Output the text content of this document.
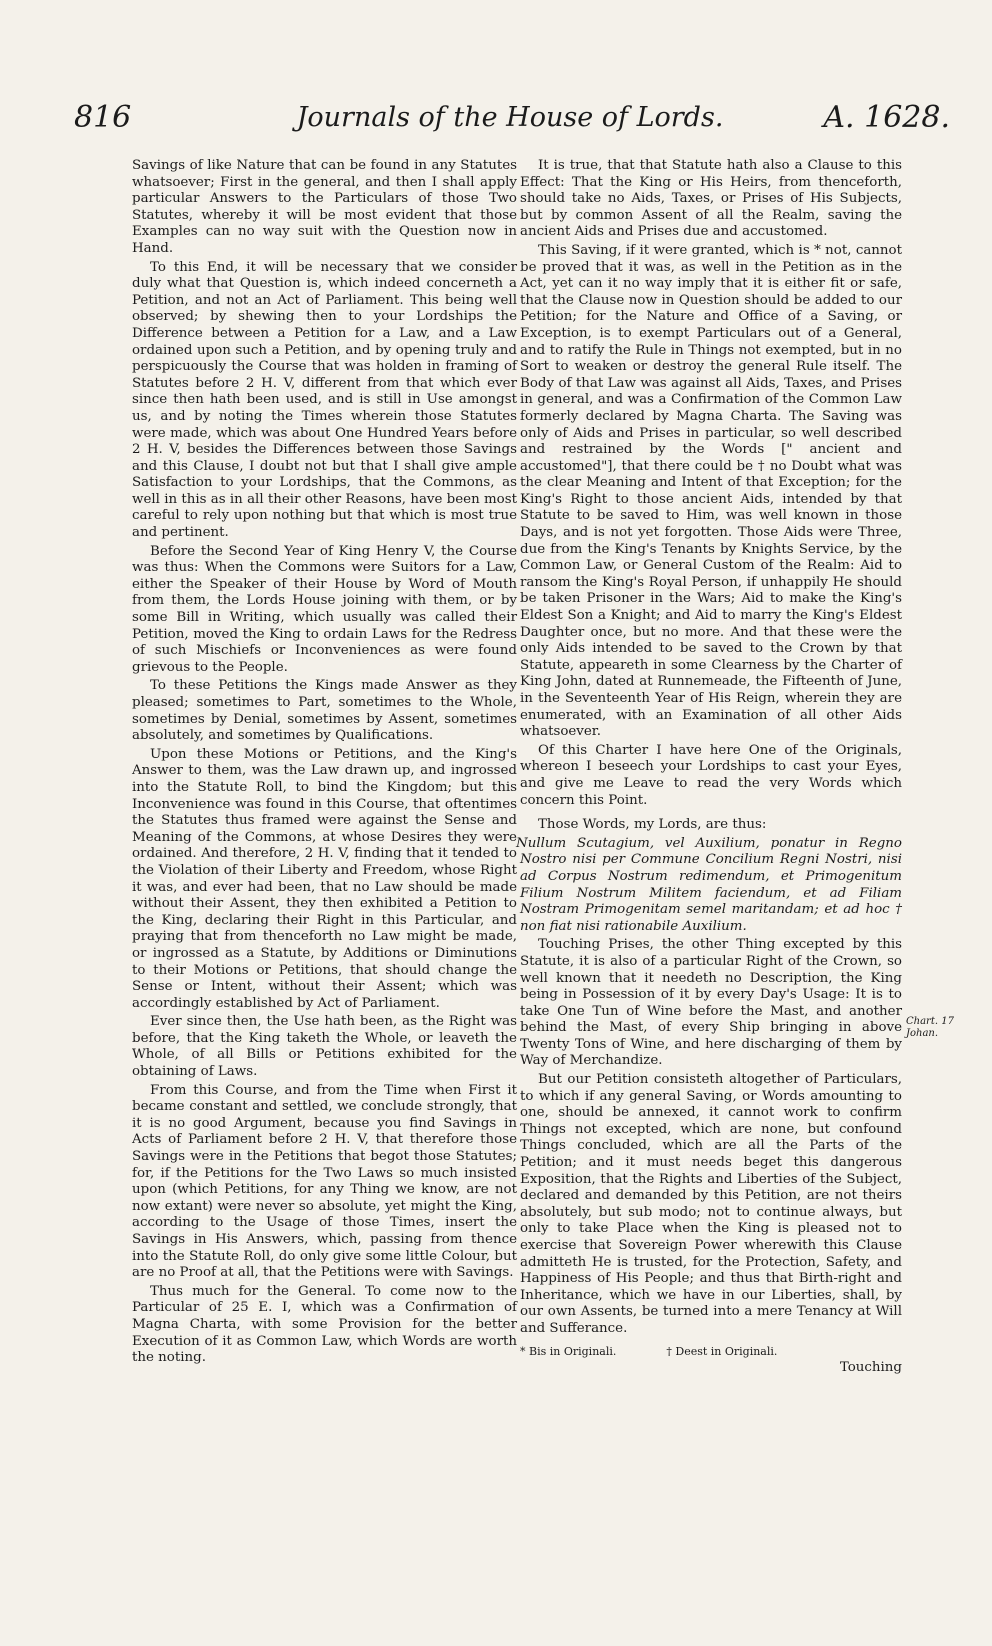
816	Journals of the House of Lords.	A. 1628.

Savings of like Nature that can be found in any Statutes whatsoever; First in the general, and then I shall apply particular Answers to the Particulars of those Two Statutes, whereby it will be most evident that those Examples can no way suit with the Question now in Hand.

To this End, it will be necessary that we consider duly what that Question is, which indeed concerneth a Petition, and not an Act of Parliament. This being well observed; by shewing then to your Lordships the Difference between a Petition for a Law, and a Law ordained upon such a Petition, and by opening truly and perspicuously the Course that was holden in framing of Statutes before 2 H. V, different from that which ever since then hath been used, and is still in Use amongst us, and by noting the Times wherein those Statutes were made, which was about One Hundred Years before 2 H. V, besides the Differences between those Savings and this Clause, I doubt not but that I shall give ample Satisfaction to your Lordships, that the Commons, as well in this as in all their other Reasons, have been most careful to rely upon nothing but that which is most true and pertinent.

Before the Second Year of King Henry V, the Course was thus: When the Commons were Suitors for a Law, either the Speaker of their House by Word of Mouth from them, the Lords House joining with them, or by some Bill in Writing, which usually was called their Petition, moved the King to ordain Laws for the Redress of such Mischiefs or Inconveniences as were found grievous to the People.

To these Petitions the Kings made Answer as they pleased; sometimes to Part, sometimes to the Whole, sometimes by Denial, sometimes by Assent, sometimes absolutely, and sometimes by Qualifications.

Upon these Motions or Petitions, and the King's Answer to them, was the Law drawn up, and ingrossed into the Statute Roll, to bind the Kingdom; but this Inconvenience was found in this Course, that oftentimes the Statutes thus framed were against the Sense and Meaning of the Commons, at whose Desires they were ordained. And therefore, 2 H. V, finding that it tended to the Violation of their Liberty and Freedom, whose Right it was, and ever had been, that no Law should be made without their Assent, they then exhibited a Petition to the King, declaring their Right in this Particular, and praying that from thenceforth no Law might be made, or ingrossed as a Statute, by Additions or Diminutions to their Motions or Petitions, that should change the Sense or Intent, without their Assent; which was accordingly established by Act of Parliament.

Ever since then, the Use hath been, as the Right was before, that the King taketh the Whole, or leaveth the Whole, of all Bills or Petitions exhibited for the obtaining of Laws.

From this Course, and from the Time when First it became constant and settled, we conclude strongly, that it is no good Argument, because you find Savings in Acts of Parliament before 2 H. V, that therefore those Savings were in the Petitions that begot those Statutes; for, if the Petitions for the Two Laws so much insisted upon (which Petitions, for any Thing we know, are not now extant) were never so absolute, yet might the King, according to the Usage of those Times, insert the Savings in His Answers, which, passing from thence into the Statute Roll, do only give some little Colour, but are no Proof at all, that the Petitions were with Savings.

Thus much for the General. To come now to the Particular of 25 E. I, which was a Confirmation of Magna Charta, with some Provision for the better Execution of it as Common Law, which Words are worth the noting.

It is true, that that Statute hath also a Clause to this Effect: That the King or His Heirs, from thenceforth, should take no Aids, Taxes, or Prises of His Subjects, but by common Assent of all the Realm, saving the ancient Aids and Prises due and accustomed.

This Saving, if it were granted, which is * not, cannot be proved that it was, as well in the Petition as in the Act, yet can it no way imply that it is either fit or safe, that the Clause now in Question should be added to our Petition; for the Nature and Office of a Saving, or Exception, is to exempt Particulars out of a General, and to ratify the Rule in Things not exempted, but in no Sort to weaken or destroy the general Rule itself. The Body of that Law was against all Aids, Taxes, and Prises in general, and was a Confirmation of the Common Law formerly declared by Magna Charta. The Saving was only of Aids and Prises in particular, so well described and restrained by the Words [" ancient and accustomed"], that there could be † no Doubt what was the clear Meaning and Intent of that Exception; for the King's Right to those ancient Aids, intended by that Statute to be saved to Him, was well known in those Days, and is not yet forgotten. Those Aids were Three, due from the King's Tenants by Knights Service, by the Common Law, or General Custom of the Realm: Aid to ransom the King's Royal Person, if unhappily He should be taken Prisoner in the Wars; Aid to make the King's Eldest Son a Knight; and Aid to marry the King's Eldest Daughter once, but no more. And that these were the only Aids intended to be saved to the Crown by that Statute, appeareth in some Clearness by the Charter of King John, dated at Runnemeade, the Fifteenth of June, in the Seventeenth Year of His Reign, wherein they are enumerated, with an Examination of all other Aids whatsoever.

Of this Charter I have here One of the Originals, whereon I beseech your Lordships to cast your Eyes, and give me Leave to read the very Words which concern this Point.

Those Words, my Lords, are thus:

Nullum Scutagium, vel Auxilium, ponatur in Regno Nostro nisi per Commune Concilium Regni Nostri, nisi ad Corpus Nostrum redimendum, et Primogenitum Filium Nostrum Militem faciendum, et ad Filiam Nostram Primogenitam semel maritandam; et ad hoc † non fiat nisi rationabile Auxilium.

Touching Prises, the other Thing excepted by this Statute, it is also of a particular Right of the Crown, so well known that it needeth no Description, the King being in Possession of it by every Day's Usage: It is to take One Tun of Wine before the Mast, and another behind the Mast, of every Ship bringing in above Twenty Tons of Wine, and here discharging of them by Way of Merchandize.

But our Petition consisteth altogether of Particulars, to which if any general Saving, or Words amounting to one, should be annexed, it cannot work to confirm Things not excepted, which are none, but confound Things concluded, which are all the Parts of the Petition; and it must needs beget this dangerous Exposition, that the Rights and Liberties of the Subject, declared and demanded by this Petition, are not theirs absolutely, but sub modo; not to continue always, but only to take Place when the King is pleased not to exercise that Sovereign Power wherewith this Clause admitteth He is trusted, for the Protection, Safety, and Happiness of His People; and thus that Birth-right and Inheritance, which we have in our Liberties, shall, by our own Assents, be turned into a mere Tenancy at Will and Sufferance.

* Bis in Originali.	† Deest in Originali.
Touching
Chart. 17 Johan.
